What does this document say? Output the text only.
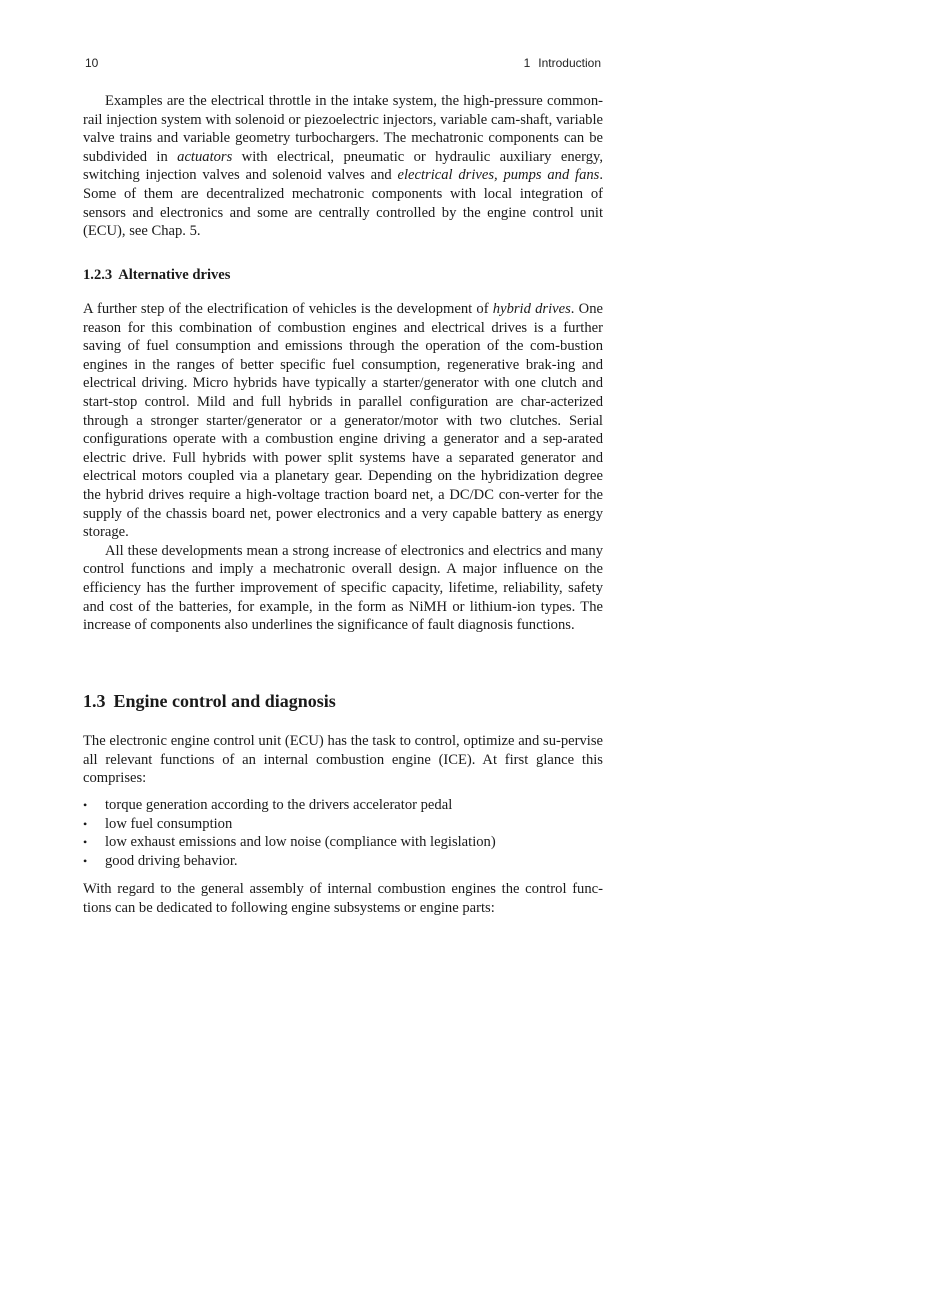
10	1 Introduction

Examples are the electrical throttle in the intake system, the high-pressure common-rail injection system with solenoid or piezoelectric injectors, variable cam-shaft, variable valve trains and variable geometry turbochargers. The mechatronic components can be subdivided in actuators with electrical, pneumatic or hydraulic auxiliary energy, switching injection valves and solenoid valves and electrical drives, pumps and fans. Some of them are decentralized mechatronic components with local integration of sensors and electronics and some are centrally controlled by the engine control unit (ECU), see Chap. 5.

1.2.3 Alternative drives

A further step of the electrification of vehicles is the development of hybrid drives. One reason for this combination of combustion engines and electrical drives is a further saving of fuel consumption and emissions through the operation of the com-bustion engines in the ranges of better specific fuel consumption, regenerative brak-ing and electrical driving. Micro hybrids have typically a starter/generator with one clutch and start-stop control. Mild and full hybrids in parallel configuration are char-acterized through a stronger starter/generator or a generator/motor with two clutches. Serial configurations operate with a combustion engine driving a generator and a sep-arated electric drive. Full hybrids with power split systems have a separated generator and electrical motors coupled via a planetary gear. Depending on the hybridization degree the hybrid drives require a high-voltage traction board net, a DC/DC con-verter for the supply of the chassis board net, power electronics and a very capable battery as energy storage.

All these developments mean a strong increase of electronics and electrics and many control functions and imply a mechatronic overall design. A major influence on the efficiency has the further improvement of specific capacity, lifetime, reliability, safety and cost of the batteries, for example, in the form as NiMH or lithium-ion types. The increase of components also underlines the significance of fault diagnosis functions.

1.3 Engine control and diagnosis

The electronic engine control unit (ECU) has the task to control, optimize and su-pervise all relevant functions of an internal combustion engine (ICE). At first glance this comprises:

• torque generation according to the drivers accelerator pedal
• low fuel consumption
• low exhaust emissions and low noise (compliance with legislation)
• good driving behavior.

With regard to the general assembly of internal combustion engines the control func-tions can be dedicated to following engine subsystems or engine parts:
